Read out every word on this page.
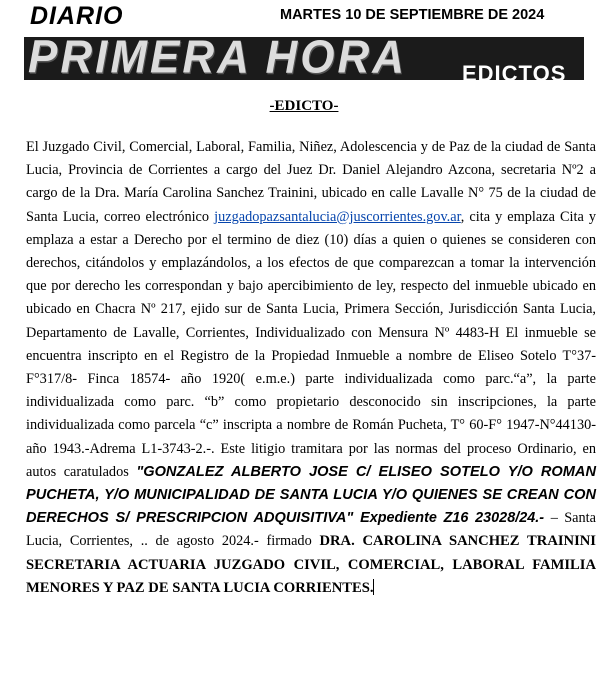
DIARIO	MARTES 10 DE SEPTIEMBRE DE 2024
PRIMERA HORA EDICTOS
-EDICTO-
El Juzgado Civil, Comercial, Laboral, Familia, Niñez, Adolescencia y de Paz de la ciudad de Santa Lucia, Provincia de Corrientes a cargo del Juez Dr. Daniel Alejandro Azcona, secretaria Nº2 a cargo de la Dra. María Carolina Sanchez Trainini, ubicado en calle Lavalle N° 75 de la ciudad de Santa Lucia, correo electrónico juzgadopazsantalucia@juscorrientes.gov.ar, cita y emplaza Cita y emplaza a estar a Derecho por el termino de diez (10) días a quien o quienes se consideren con derechos, citándolos y emplazándolos, a los efectos de que comparezcan a tomar la intervención que por derecho les correspondan y bajo apercibimiento de ley, respecto del inmueble ubicado en ubicado en Chacra Nº 217, ejido sur de Santa Lucia, Primera Sección, Jurisdicción Santa Lucia, Departamento de Lavalle, Corrientes, Individualizado con Mensura Nº 4483-H El inmueble se encuentra inscripto en el Registro de la Propiedad Inmueble a nombre de Eliseo Sotelo T°37-F°317/8- Finca 18574- año 1920( e.m.e.) parte individualizada como parc.“a”, la parte individualizada como parc. “b” como propietario desconocido sin inscripciones, la parte individualizada como parcela “c” inscripta a nombre de Román Pucheta, T° 60-F° 1947-N°44130-año 1943.-Adrema L1-3743-2.-. Este litigio tramitara por las normas del proceso Ordinario, en autos caratulados "GONZALEZ ALBERTO JOSE C/ ELISEO SOTELO Y/O ROMAN PUCHETA, Y/O MUNICIPALIDAD DE SANTA LUCIA Y/O QUIENES SE CREAN CON DERECHOS S/ PRESCRIPCION ADQUISITIVA" Expediente Z16 23028/24.- – Santa Lucia, Corrientes, .. de agosto 2024.- firmado DRA. CAROLINA SANCHEZ TRAININI SECRETARIA ACTUARIA JUZGADO CIVIL, COMERCIAL, LABORAL FAMILIA MENORES Y PAZ DE SANTA LUCIA CORRIENTES.
